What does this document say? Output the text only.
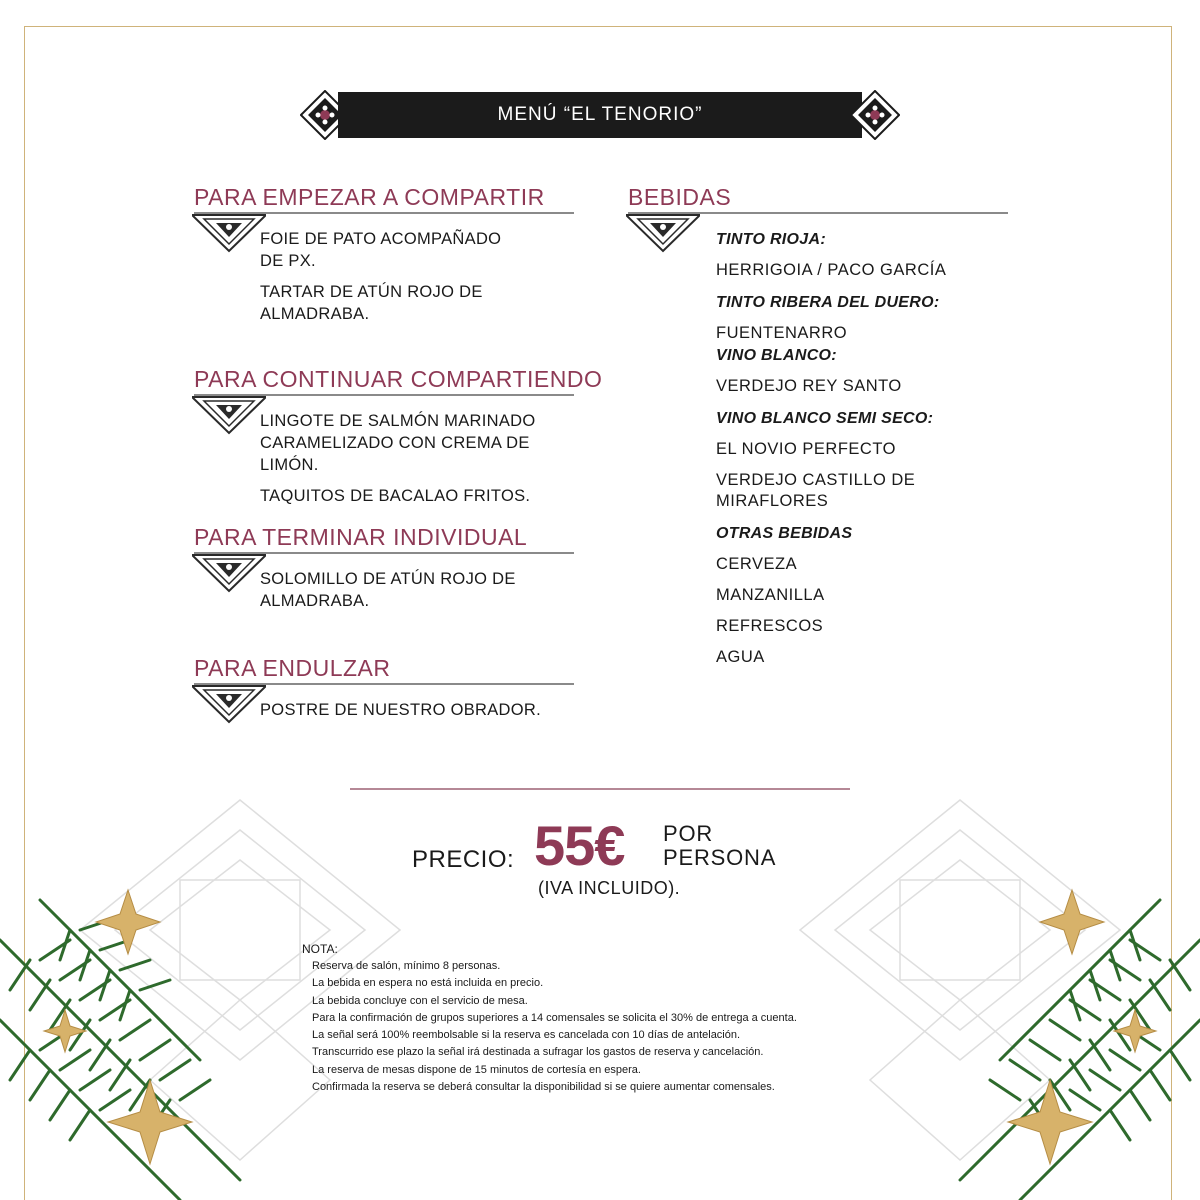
MENÚ “EL TENORIO”
PARA EMPEZAR A COMPARTIR
FOIE DE PATO ACOMPAÑADO
DE PX.
TARTAR DE ATÚN ROJO DE
ALMADRABA.
PARA CONTINUAR COMPARTIENDO
LINGOTE DE SALMÓN MARINADO
CARAMELIZADO CON CREMA DE LIMÓN.
TAQUITOS DE BACALAO FRITOS.
PARA TERMINAR INDIVIDUAL
SOLOMILLO DE ATÚN ROJO DE
ALMADRABA.
PARA ENDULZAR
POSTRE DE NUESTRO OBRADOR.
BEBIDAS
TINTO RIOJA:
HERRIGOIA / PACO GARCÍA
TINTO RIBERA DEL DUERO:
FUENTENARRO
VINO BLANCO:
VERDEJO REY SANTO
VINO BLANCO SEMI SECO:
EL NOVIO PERFECTO
VERDEJO CASTILLO DE
MIRAFLORES
OTRAS BEBIDAS
CERVEZA
MANZANILLA
REFRESCOS
AGUA
PRECIO: 55€ POR
PERSONA
(IVA INCLUIDO).
NOTA:
Reserva de salón, mínimo 8 personas.
La bebida en espera no está incluida en precio.
La bebida concluye con el servicio de mesa.
Para la confirmación de grupos superiores a 14 comensales se solicita el 30% de entrega a cuenta.
La señal será 100% reembolsable si la reserva es cancelada con 10 días de antelación.
Transcurrido ese plazo la señal irá destinada a sufragar los gastos de reserva y cancelación.
La reserva de mesas dispone de 15 minutos de cortesía en espera.
Confirmada la reserva se deberá consultar la disponibilidad si se quiere aumentar comensales.
